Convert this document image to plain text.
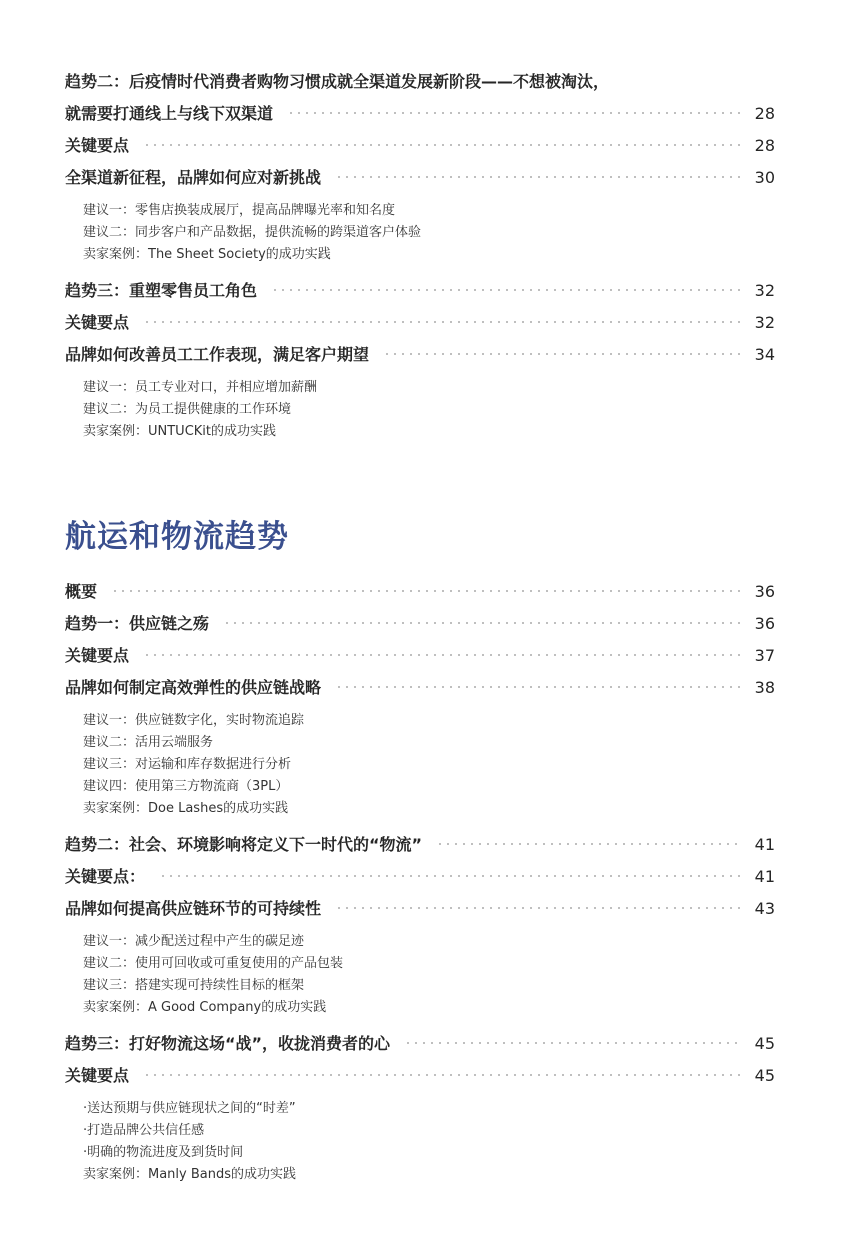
趋势二：后疫情时代消费者购物习惯成就全渠道发展新阶段——不想被淘汰，
就需要打通线上与线下双渠道	28
关键要点	28
全渠道新征程，品牌如何应对新挑战	30
建议一：零售店换装成展厅，提高品牌曝光率和知名度
建议二：同步客户和产品数据，提供流畅的跨渠道客户体验
卖家案例：The Sheet Society的成功实践
趋势三：重塑零售员工角色	32
关键要点	32
品牌如何改善员工工作表现，满足客户期望	34
建议一：员工专业对口，并相应增加薪酬
建议二：为员工提供健康的工作环境
卖家案例：UNTUCKit的成功实践
航运和物流趋势
概要	36
趋势一：供应链之殇	36
关键要点	37
品牌如何制定高效弹性的供应链战略	38
建议一：供应链数字化，实时物流追踪
建议二：活用云端服务
建议三：对运输和库存数据进行分析
建议四：使用第三方物流商（3PL）
卖家案例：Doe Lashes的成功实践
趋势二：社会、环境影响将定义下一时代的“物流”	41
关键要点：	41
品牌如何提高供应链环节的可持续性	43
建议一：减少配送过程中产生的碳足迹
建议二：使用可回收或可重复使用的产品包装
建议三：搭建实现可持续性目标的框架
卖家案例：A Good Company的成功实践
趋势三：打好物流这场“战”，收拢消费者的心	45
关键要点	45
·送达预期与供应链现状之间的“时差”
·打造品牌公共信任感
·明确的物流进度及到货时间
卖家案例：Manly Bands的成功实践
